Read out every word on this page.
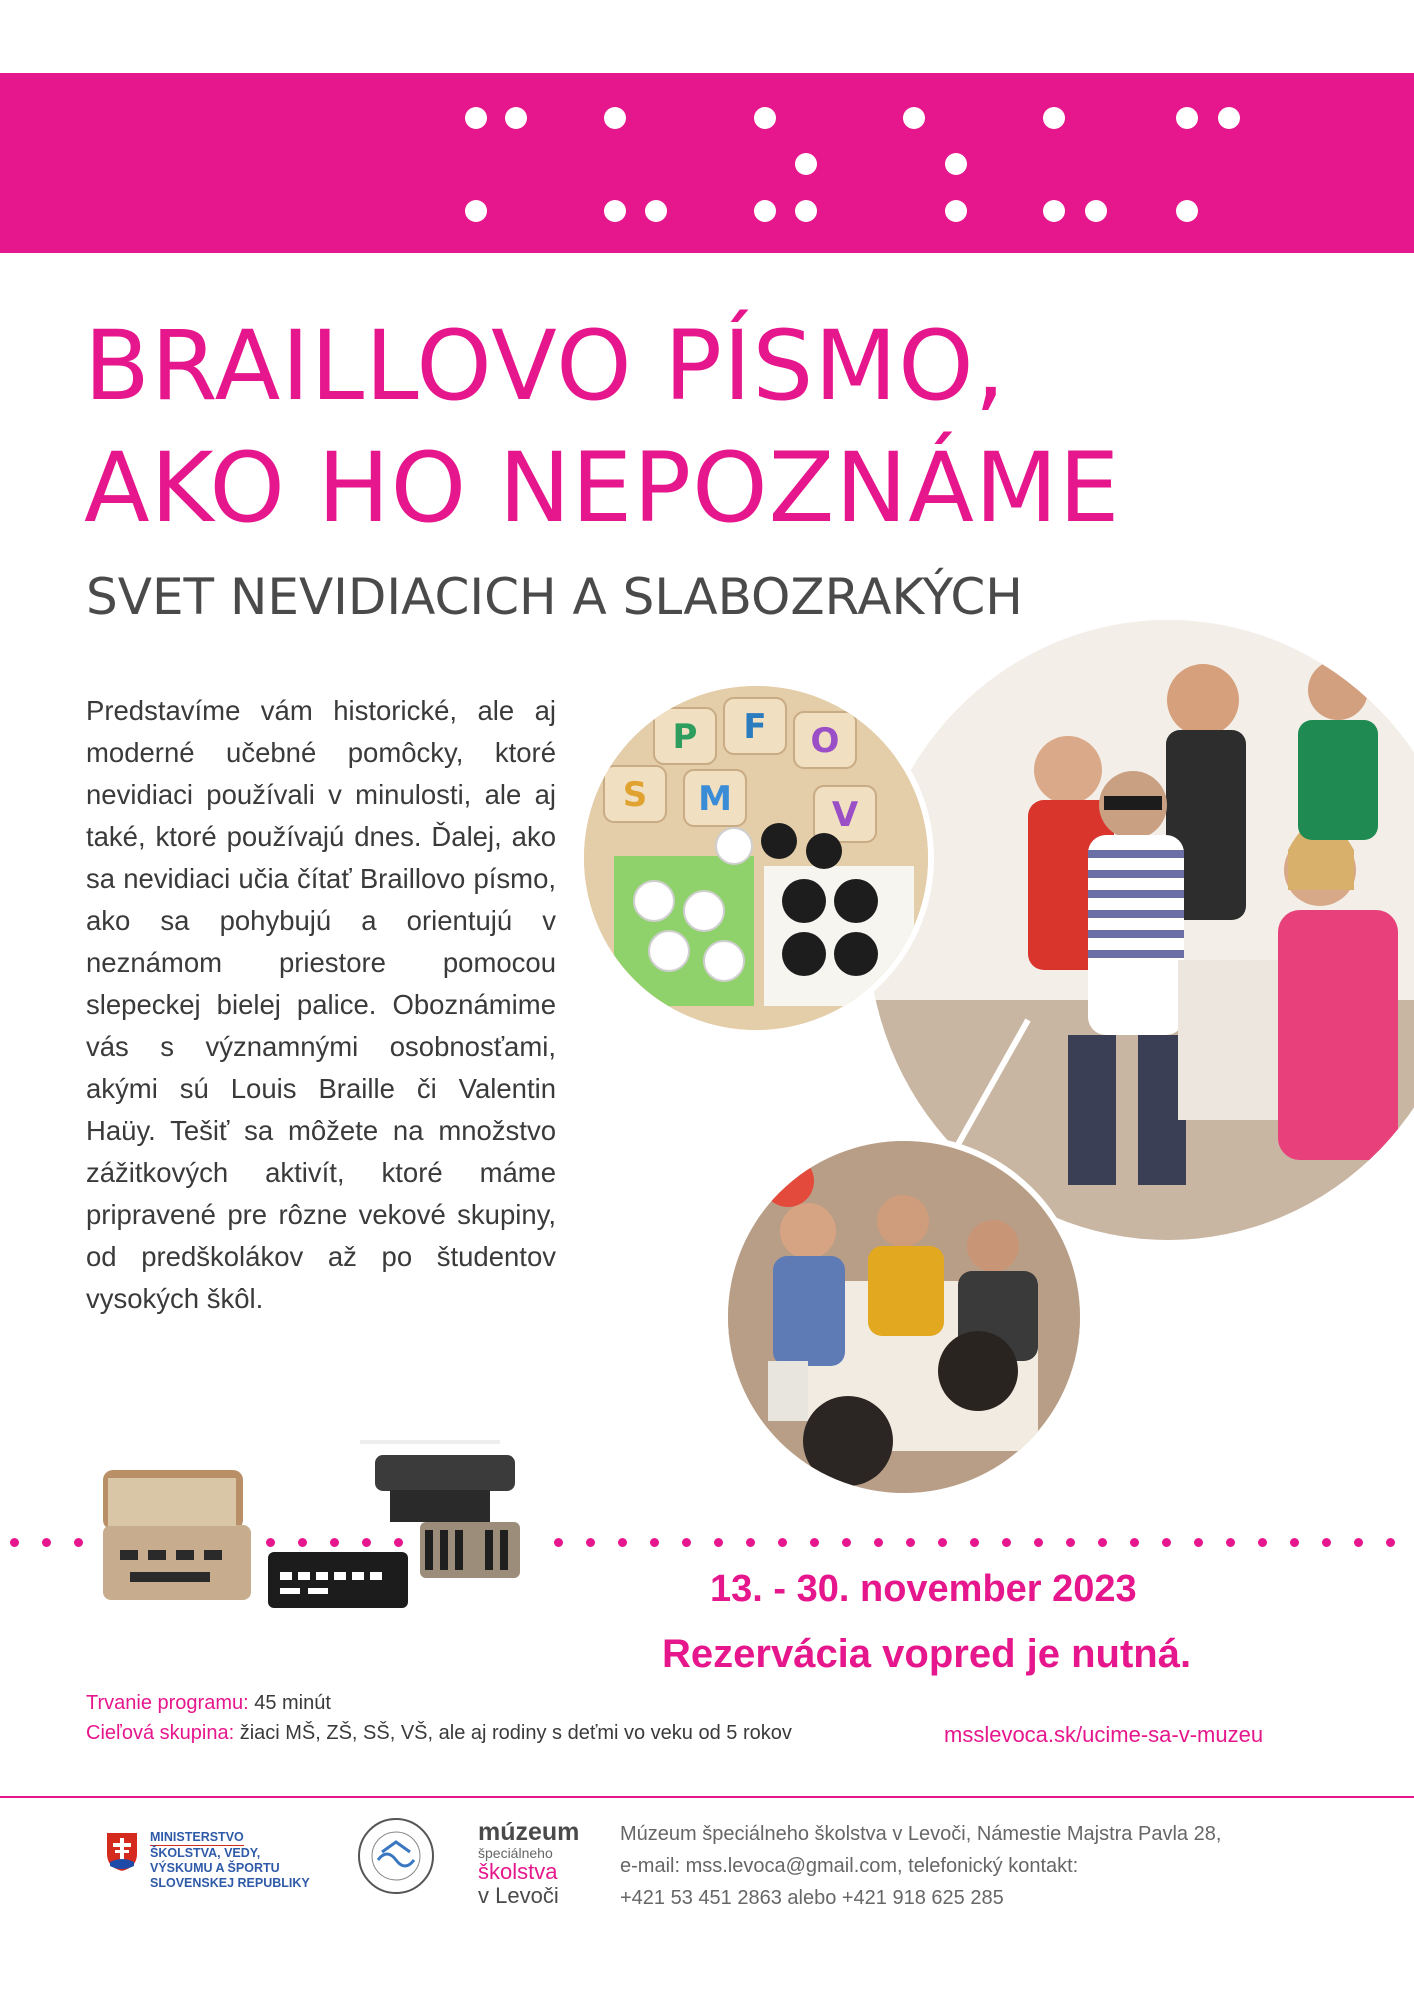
BRAILLOVO PÍSMO,
AKO HO NEPOZNÁME
SVET NEVIDIACICH A SLABOZRAKÝCH
Predstavíme vám historické, ale aj moderné učebné pomôcky, ktoré nevidiaci používali v minulosti, ale aj také, ktoré používajú dnes. Ďalej, ako sa nevidiaci učia čítať Braillovo písmo, ako sa pohybujú a orientujú v neznámom priestore pomocou slepeckej bielej palice. Oboznámime vás s významnými osobnosťami, akými sú Louis Braille či Valentin Haüy. Tešiť sa môžete na množstvo zážitkových aktivít, ktoré máme pripravené pre rôzne vekové skupiny, od predškolákov až po študentov vysokých škôl.
P F O
S M	V
13. - 30. november 2023
Rezervácia vopred je nutná.
Trvanie programu: 45 minút
Cieľová skupina: žiaci MŠ, ZŠ, SŠ, VŠ, ale aj rodiny s deťmi vo veku od 5 rokov	msslevoca.sk/ucime-sa-v-muzeu
MINISTERSTVO
ŠKOLSTVA, VEDY,
VÝSKUMU A ŠPORTU
SLOVENSKEJ REPUBLIKY
múzeum
špeciálneho
školstva
v Levoči
Múzeum špeciálneho školstva v Levoči, Námestie Majstra Pavla 28,
e-mail: mss.levoca@gmail.com, telefonický kontakt:
+421 53 451 2863 alebo +421 918 625 285
